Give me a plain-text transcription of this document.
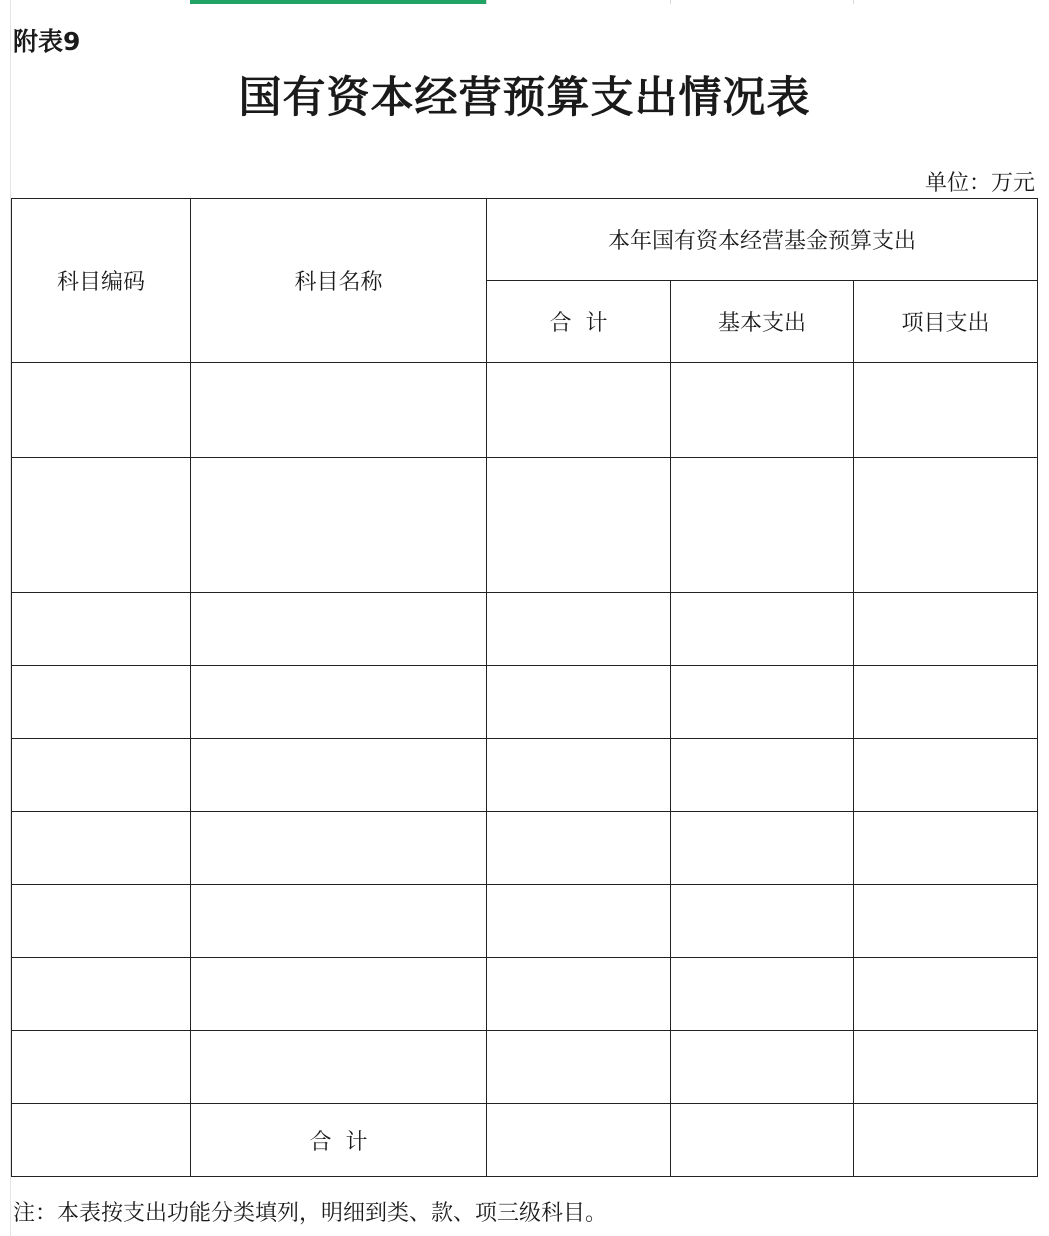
附表9
国有资本经营预算支出情况表
单位：万元
科目编码	科目名称	本年国有资本经营基金预算支出		
		合  计	基本支出	项目支出

	合  计			
注：本表按支出功能分类填列，明细到类、款、项三级科目。
